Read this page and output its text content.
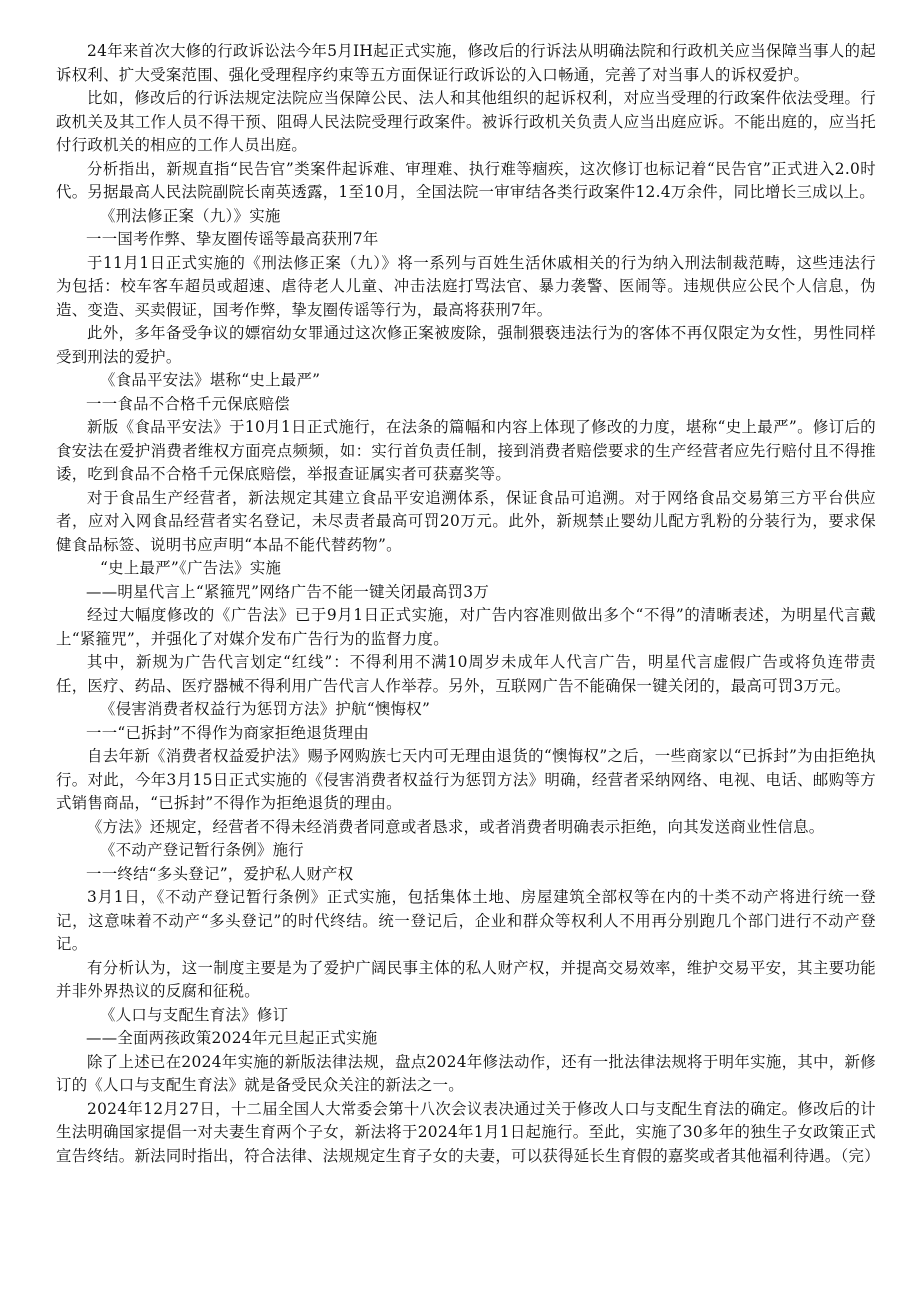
24年来首次大修的行政诉讼法今年5月IH起正式实施，修改后的行诉法从明确法院和行政机关应当保障当事人的起诉权利、扩大受案范围、强化受理程序约束等五方面保证行政诉讼的入口畅通，完善了对当事人的诉权爱护。

比如，修改后的行诉法规定法院应当保障公民、法人和其他组织的起诉权利，对应当受理的行政案件依法受理。行政机关及其工作人员不得干预、阻碍人民法院受理行政案件。被诉行政机关负责人应当出庭应诉。不能出庭的，应当托付行政机关的相应的工作人员出庭。

分析指出，新规直指“民告官”类案件起诉难、审理难、执行难等痼疾，这次修订也标记着“民告官”正式进入2.0时代。另据最高人民法院副院长南英透露，1至10月，全国法院一审审结各类行政案件12.4万余件，同比增长三成以上。

《刑法修正案（九）》实施

一一国考作弊、挚友圈传谣等最高获刑7年

于11月1日正式实施的《刑法修正案（九）》将一系列与百姓生活休戚相关的行为纳入刑法制裁范畴，这些违法行为包括：校车客车超员或超速、虐待老人儿童、冲击法庭打骂法官、暴力袭警、医闹等。违规供应公民个人信息，伪造、变造、买卖假证，国考作弊，挚友圈传谣等行为，最高将获刑7年。

此外，多年备受争议的嫖宿幼女罪通过这次修正案被废除，强制猥亵违法行为的客体不再仅限定为女性，男性同样受到刑法的爱护。

《食品平安法》堪称“史上最严”

一一食品不合格千元保底赔偿

新版《食品平安法》于10月1日正式施行，在法条的篇幅和内容上体现了修改的力度，堪称“史上最严”。修订后的食安法在爱护消费者维权方面亮点频频，如：实行首负责任制，接到消费者赔偿要求的生产经营者应先行赔付且不得推诿，吃到食品不合格千元保底赔偿，举报查证属实者可获嘉奖等。

对于食品生产经营者，新法规定其建立食品平安追溯体系，保证食品可追溯。对于网络食品交易第三方平台供应者，应对入网食品经营者实名登记，未尽责者最高可罚20万元。此外，新规禁止婴幼儿配方乳粉的分装行为，要求保健食品标签、说明书应声明“本品不能代替药物”。

“史上最严”《广告法》实施

——明星代言上“紧箍咒”网络广告不能一键关闭最高罚3万

经过大幅度修改的《广告法》已于9月1日正式实施，对广告内容准则做出多个“不得”的清晰表述，为明星代言戴上“紧箍咒”，并强化了对媒介发布广告行为的监督力度。

其中，新规为广告代言划定“红线”：不得利用不满10周岁未成年人代言广告，明星代言虚假广告或将负连带责任，医疗、药品、医疗器械不得利用广告代言人作举荐。另外，互联网广告不能确保一键关闭的，最高可罚3万元。

《侵害消费者权益行为惩罚方法》护航“懊悔权”

一一“已拆封”不得作为商家拒绝退货理由

自去年新《消费者权益爱护法》赐予网购族七天内可无理由退货的“懊悔权”之后，一些商家以“已拆封”为由拒绝执行。对此，今年3月15日正式实施的《侵害消费者权益行为惩罚方法》明确，经营者采纳网络、电视、电话、邮购等方式销售商品，“已拆封”不得作为拒绝退货的理由。

《方法》还规定，经营者不得未经消费者同意或者恳求，或者消费者明确表示拒绝，向其发送商业性信息。

《不动产登记暂行条例》施行

一一终结“多头登记”，爱护私人财产权

3月1日，《不动产登记暂行条例》正式实施，包括集体土地、房屋建筑全部权等在内的十类不动产将进行统一登记，这意味着不动产“多头登记”的时代终结。统一登记后，企业和群众等权利人不用再分别跑几个部门进行不动产登记。

有分析认为，这一制度主要是为了爱护广阔民事主体的私人财产权，并提高交易效率，维护交易平安，其主要功能并非外界热议的反腐和征税。

《人口与支配生育法》修订

——全面两孩政策2024年元旦起正式实施

除了上述已在2024年实施的新版法律法规，盘点2024年修法动作，还有一批法律法规将于明年实施，其中，新修订的《人口与支配生育法》就是备受民众关注的新法之一。

2024年12月27日，十二届全国人大常委会第十八次会议表决通过关于修改人口与支配生育法的确定。修改后的计生法明确国家提倡一对夫妻生育两个子女，新法将于2024年1月1日起施行。至此，实施了30多年的独生子女政策正式宣告终结。新法同时指出，符合法律、法规规定生育子女的夫妻，可以获得延长生育假的嘉奖或者其他福利待遇。（完）
